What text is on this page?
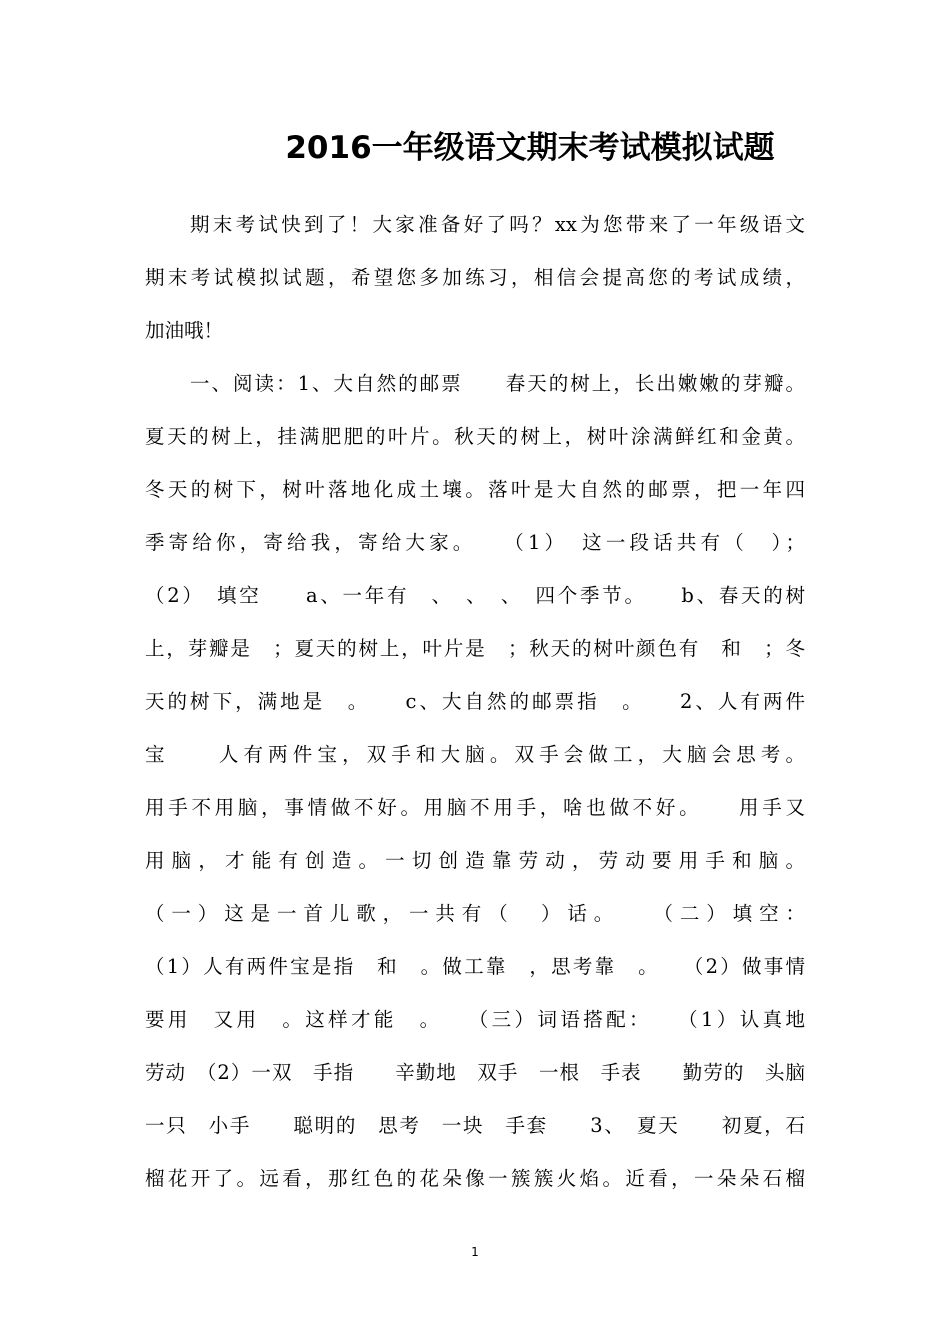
2016一年级语文期末考试模拟试题
期末考试快到了！大家准备好了吗？xx为您带来了一年级语文
期末考试模拟试题，希望您多加练习，相信会提高您的考试成绩，
加油哦！
一、阅读：1、大自然的邮票　　春天的树上，长出嫩嫩的芽瓣。
夏天的树上，挂满肥肥的叶片。秋天的树上，树叶涂满鲜红和金黄。
冬天的树下，树叶落地化成土壤。落叶是大自然的邮票，把一年四
季寄给你，寄给我，寄给大家。　　（1）　这一段话共有（　）；
（2）　填空　　a、一年有　、　、　、　四个季节。　　b、春天的树
上，芽瓣是　；夏天的树上，叶片是　；秋天的树叶颜色有　和　；冬
天的树下，满地是　。　　c、大自然的邮票指　。　　2、人有两件
宝　　人有两件宝，双手和大脑。双手会做工，大脑会思考。
用手不用脑，事情做不好。用脑不用手，啥也做不好。　　用手又
用脑，才能有创造。一切创造靠劳动，劳动要用手和脑。
（一）这是一首儿歌，一共有（　）话。　　（二）填空：
（1）人有两件宝是指　和　。做工靠　，思考靠　。　　（2）做事情
要用　又用　。这样才能　。　　（三）词语搭配：　　（1）认真地
劳动　（2）一双　手指　　辛勤地　双手　一根　手表　　勤劳的　头脑
一只　小手　　聪明的　思考　一块　手套　　3、　夏天　　初夏，石
榴花开了。远看，那红色的花朵像一簇簇火焰。近看，一朵朵石榴
1
